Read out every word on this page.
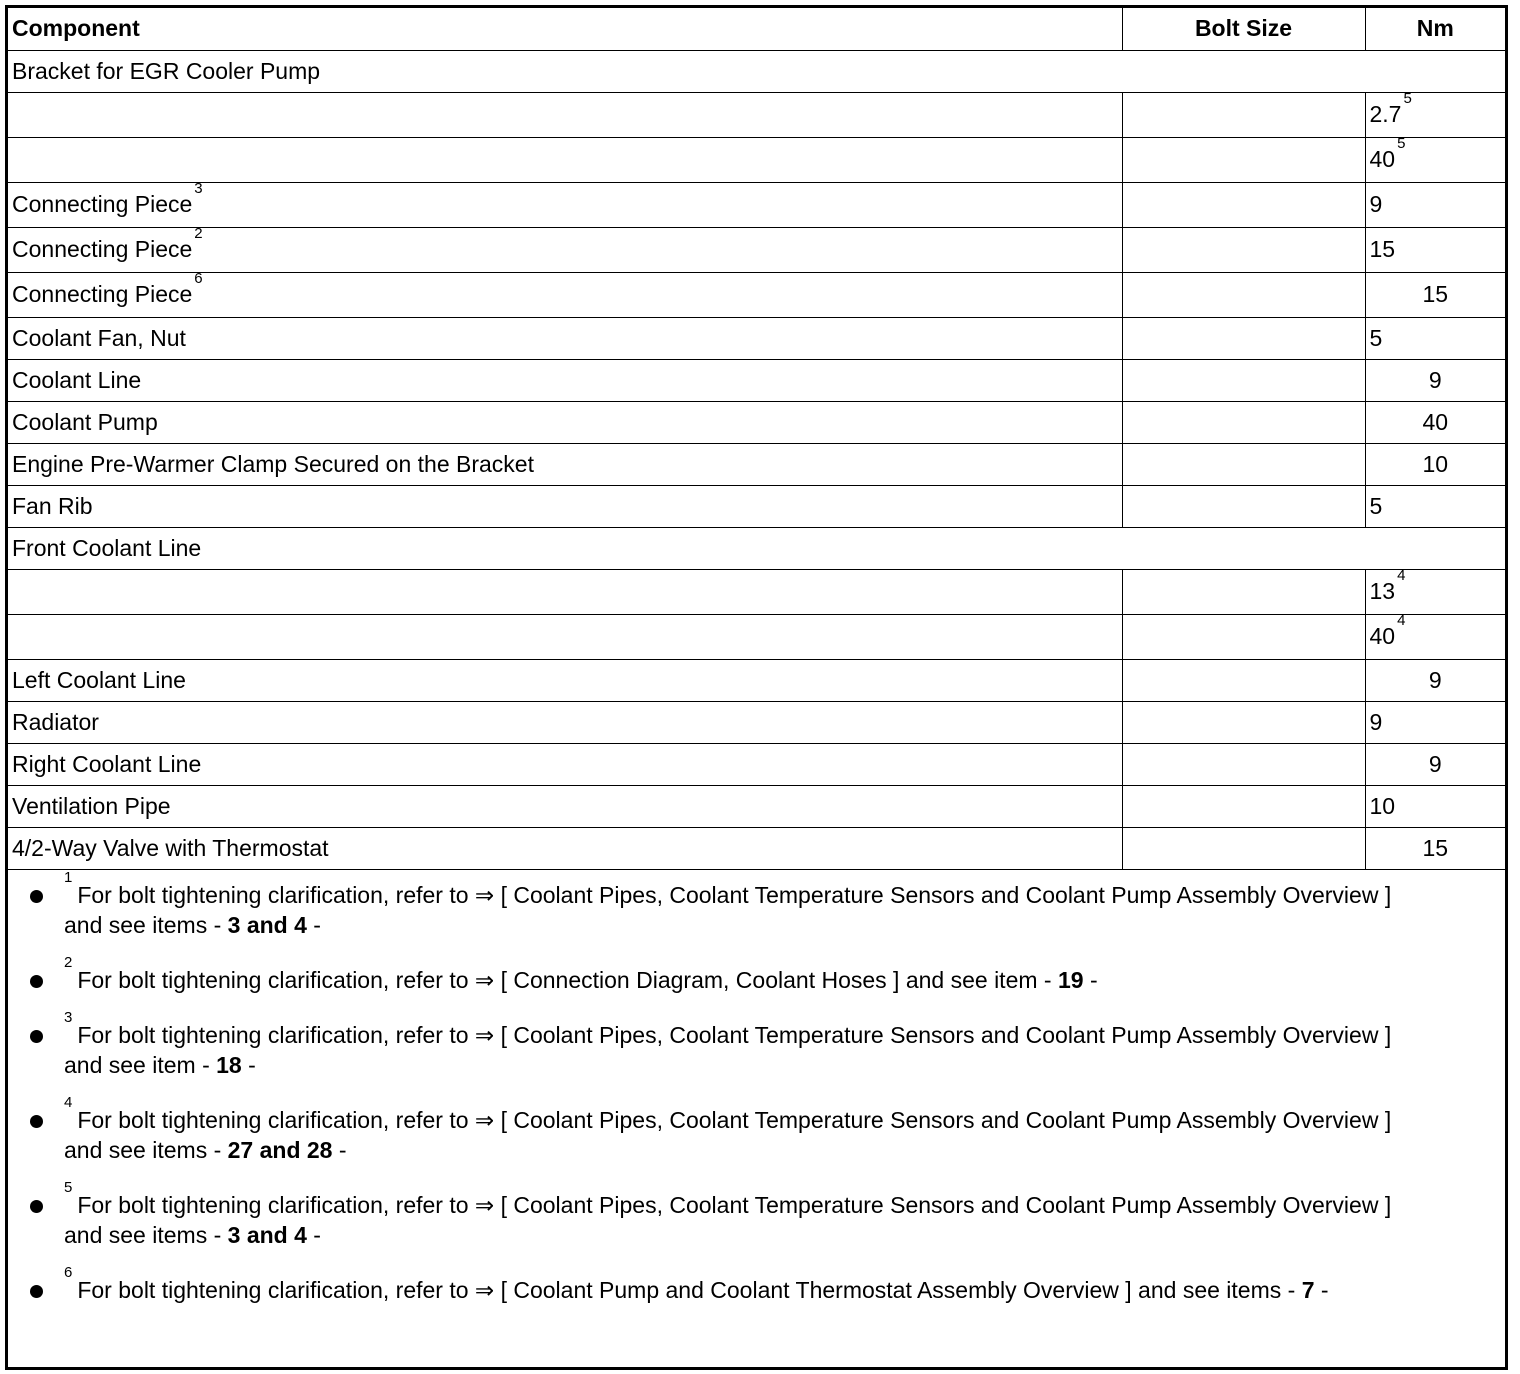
Component	Bolt Size	Nm
Bracket for EGR Cooler Pump		
		$2.7^5$
		$40^5$
Connecting Piece$^3$		9
Connecting Piece$^2$		15
Connecting Piece$^6$		15
Coolant Fan, Nut		5
Coolant Line		9
Coolant Pump		40
Engine Pre-Warmer Clamp Secured on the Bracket		10
Fan Rib		5
Front Coolant Line		
		$13^4$
		$40^4$
Left Coolant Line		9
Radiator		9
Right Coolant Line		9
Ventilation Pipe		10
4/2-Way Valve with Thermostat		15
$^1$For bolt tightening clarification, refer to ⇒ [ Coolant Pipes, Coolant Temperature Sensors and Coolant Pump Assembly Overview ] and see items - 3 and 4 -
$^2$For bolt tightening clarification, refer to ⇒ [ Connection Diagram, Coolant Hoses ] and see item - 19 -
$^3$For bolt tightening clarification, refer to ⇒ [ Coolant Pipes, Coolant Temperature Sensors and Coolant Pump Assembly Overview ] and see item - 18 -
$^4$For bolt tightening clarification, refer to ⇒ [ Coolant Pipes, Coolant Temperature Sensors and Coolant Pump Assembly Overview ] and see items - 27 and 28 -
$^5$For bolt tightening clarification, refer to ⇒ [ Coolant Pipes, Coolant Temperature Sensors and Coolant Pump Assembly Overview ] and see items - 3 and 4 -
$^6$For bolt tightening clarification, refer to ⇒ [ Coolant Pump and Coolant Thermostat Assembly Overview ] and see items - 7 -
